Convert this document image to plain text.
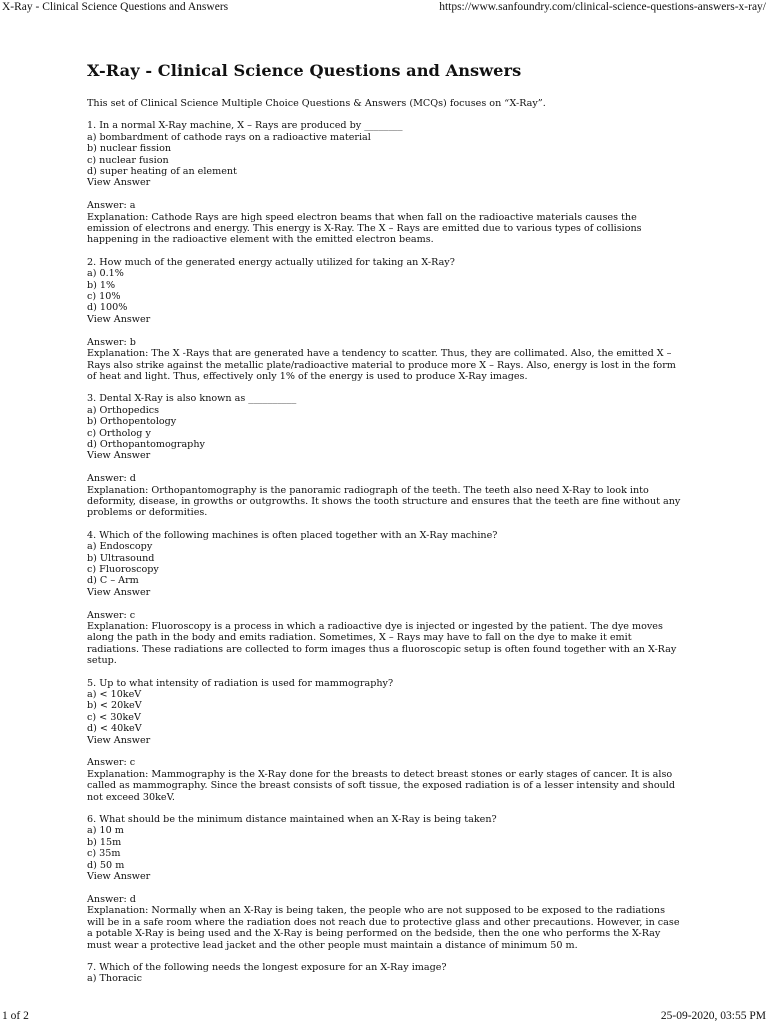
X-Ray - Clinical Science Questions and Answers	https://www.sanfoundry.com/clinical-science-questions-answers-x-ray/
X-Ray - Clinical Science Questions and Answers
This set of Clinical Science Multiple Choice Questions & Answers (MCQs) focuses on “X-Ray”.
1. In a normal X-Ray machine, X – Rays are produced by ________
a) bombardment of cathode rays on a radioactive material
b) nuclear fission
c) nuclear fusion
d) super heating of an element
View Answer
Answer: a
Explanation: Cathode Rays are high speed electron beams that when fall on the radioactive materials causes the emission of electrons and energy. This energy is X-Ray. The X – Rays are emitted due to various types of collisions happening in the radioactive element with the emitted electron beams.
2. How much of the generated energy actually utilized for taking an X-Ray?
a) 0.1%
b) 1%
c) 10%
d) 100%
View Answer
Answer: b
Explanation: The X -Rays that are generated have a tendency to scatter. Thus, they are collimated. Also, the emitted X – Rays also strike against the metallic plate/radioactive material to produce more X – Rays. Also, energy is lost in the form of heat and light. Thus, effectively only 1% of the energy is used to produce X-Ray images.
3. Dental X-Ray is also known as __________
a) Orthopedics
b) Orthopentology
c) Ortholog y
d) Orthopantomography
View Answer
Answer: d
Explanation: Orthopantomography is the panoramic radiograph of the teeth. The teeth also need X-Ray to look into deformity, disease, in growths or outgrowths. It shows the tooth structure and ensures that the teeth are fine without any problems or deformities.
4. Which of the following machines is often placed together with an X-Ray machine?
a) Endoscopy
b) Ultrasound
c) Fluoroscopy
d) C – Arm
View Answer
Answer: c
Explanation: Fluoroscopy is a process in which a radioactive dye is injected or ingested by the patient. The dye moves along the path in the body and emits radiation. Sometimes, X – Rays may have to fall on the dye to make it emit radiations. These radiations are collected to form images thus a fluoroscopic setup is often found together with an X-Ray setup.
5. Up to what intensity of radiation is used for mammography?
a) < 10keV
b) < 20keV
c) < 30keV
d) < 40keV
View Answer
Answer: c
Explanation: Mammography is the X-Ray done for the breasts to detect breast stones or early stages of cancer. It is also called as mammography. Since the breast consists of soft tissue, the exposed radiation is of a lesser intensity and should not exceed 30keV.
6. What should be the minimum distance maintained when an X-Ray is being taken?
a) 10 m
b) 15m
c) 35m
d) 50 m
View Answer
Answer: d
Explanation: Normally when an X-Ray is being taken, the people who are not supposed to be exposed to the radiations will be in a safe room where the radiation does not reach due to protective glass and other precautions. However, in case a potable X-Ray is being used and the X-Ray is being performed on the bedside, then the one who performs the X-Ray must wear a protective lead jacket and the other people must maintain a distance of minimum 50 m.
7. Which of the following needs the longest exposure for an X-Ray image?
a) Thoracic
1 of 2	25-09-2020, 03:55 PM
